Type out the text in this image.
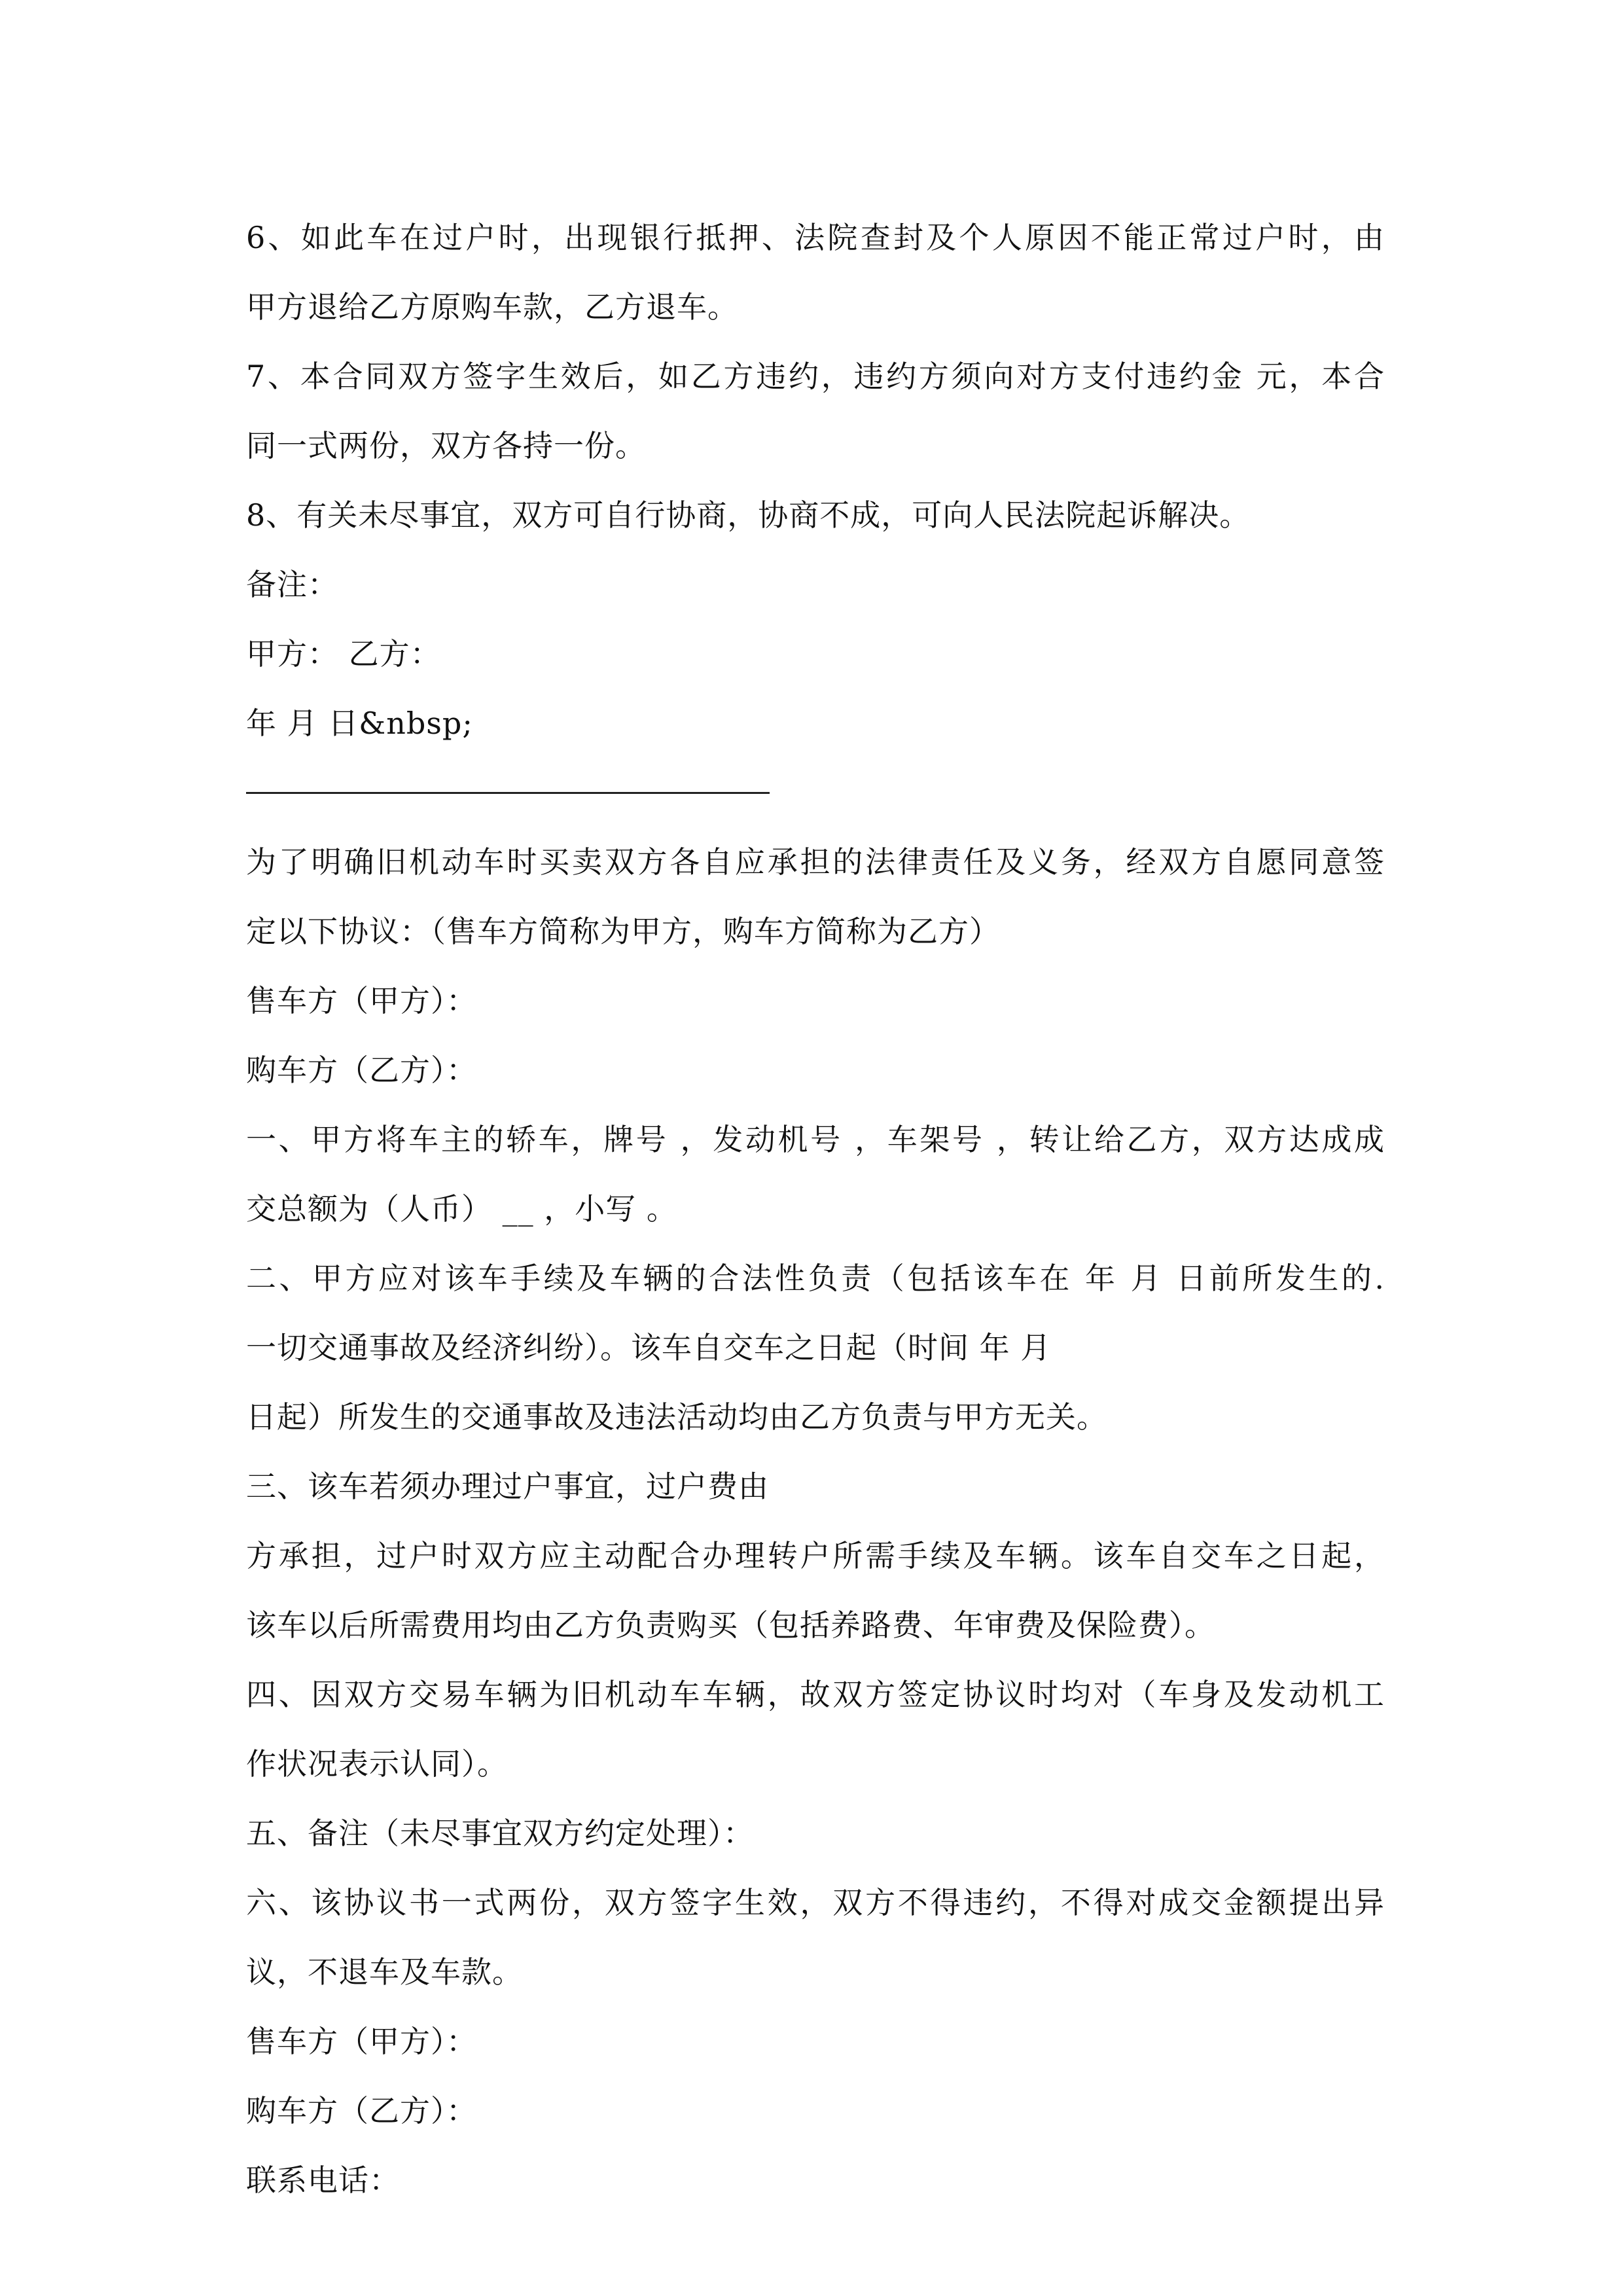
6、如此车在过户时，出现银行抵押、法院查封及个人原因不能正常过户时，由
甲方退给乙方原购车款，乙方退车。
7、本合同双方签字生效后，如乙方违约，违约方须向对方支付违约金 元，本合
同一式两份，双方各持一份。
8、有关未尽事宜，双方可自行协商，协商不成，可向人民法院起诉解决。
备注：
甲方： 乙方：
年 月 日&nbsp;
为了明确旧机动车时买卖双方各自应承担的法律责任及义务，经双方自愿同意签
定以下协议：（售车方简称为甲方，购车方简称为乙方）
售车方（甲方）：
购车方（乙方）：
一、甲方将车主的轿车，牌号 ，发动机号 ，车架号 ，转让给乙方，双方达成成
交总额为（人币） __ ，小写 。
二、甲方应对该车手续及车辆的合法性负责（包括该车在 年 月 日前所发生的.
一切交通事故及经济纠纷）。该车自交车之日起（时间 年 月
日起）所发生的交通事故及违法活动均由乙方负责与甲方无关。
三、该车若须办理过户事宜，过户费由
方承担，过户时双方应主动配合办理转户所需手续及车辆。该车自交车之日起，
该车以后所需费用均由乙方负责购买（包括养路费、年审费及保险费）。
四、因双方交易车辆为旧机动车车辆，故双方签定协议时均对（车身及发动机工
作状况表示认同）。
五、备注（未尽事宜双方约定处理）：
六、该协议书一式两份，双方签字生效，双方不得违约，不得对成交金额提出异
议，不退车及车款。
售车方（甲方）：
购车方（乙方）：
联系电话：
